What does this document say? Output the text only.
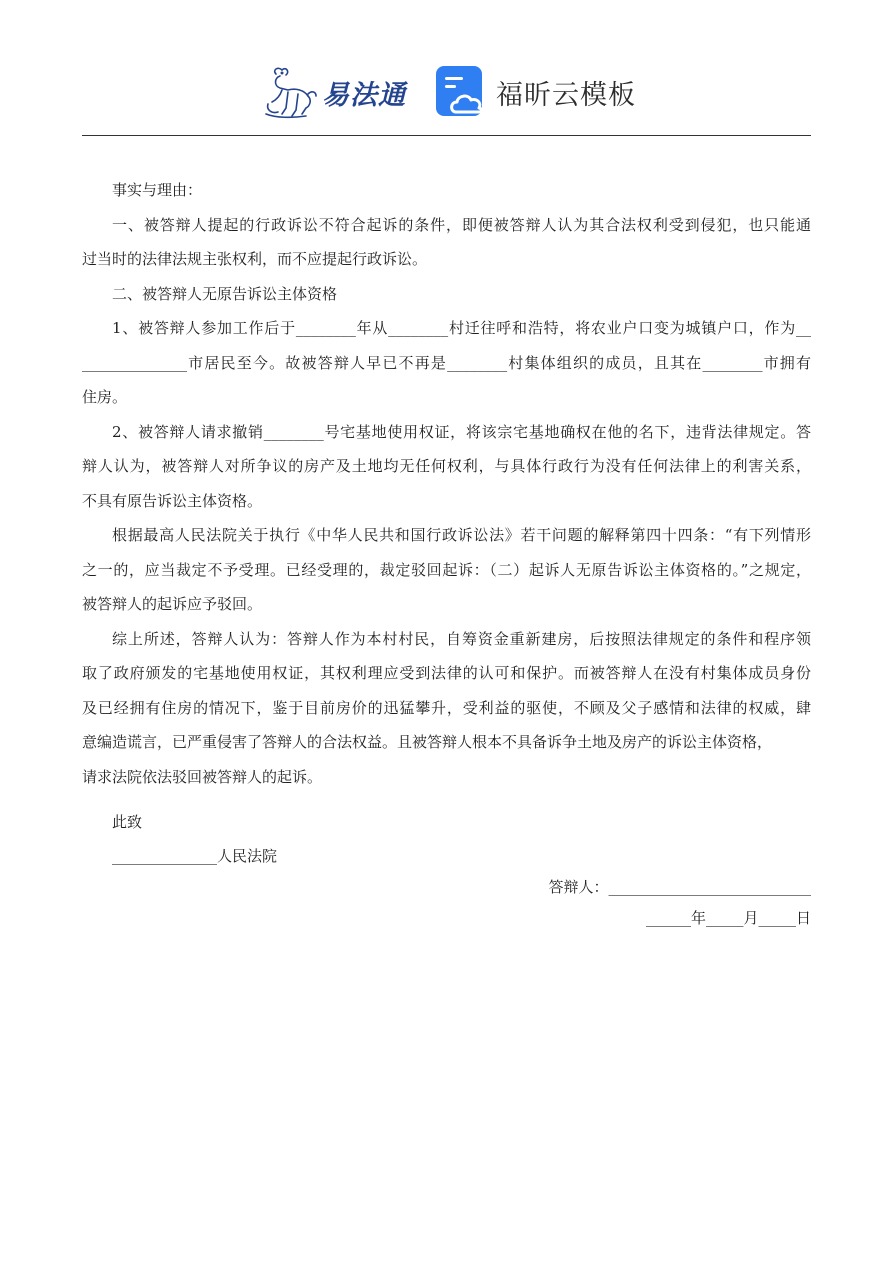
易法通	福昕云模板
事实与理由：
一、被答辩人提起的行政诉讼不符合起诉的条件，即便被答辩人认为其合法权利受到侵犯，也只能通
过当时的法律法规主张权利，而不应提起行政诉讼。
二、被答辩人无原告诉讼主体资格
1、被答辩人参加工作后于________年从________村迁往呼和浩特，将农业户口变为城镇户口，作为__
______________市居民至今。故被答辩人早已不再是________村集体组织的成员，且其在________市拥有
住房。
2、被答辩人请求撤销________号宅基地使用权证，将该宗宅基地确权在他的名下，违背法律规定。答
辩人认为，被答辩人对所争议的房产及土地均无任何权利，与具体行政行为没有任何法律上的利害关系，
不具有原告诉讼主体资格。
根据最高人民法院关于执行《中华人民共和国行政诉讼法》若干问题的解释第四十四条：“有下列情形
之一的，应当裁定不予受理。已经受理的，裁定驳回起诉：（二）起诉人无原告诉讼主体资格的。”之规定，
被答辩人的起诉应予驳回。
综上所述，答辩人认为：答辩人作为本村村民，自筹资金重新建房，后按照法律规定的条件和程序领
取了政府颁发的宅基地使用权证，其权利理应受到法律的认可和保护。而被答辩人在没有村集体成员身份
及已经拥有住房的情况下，鉴于目前房价的迅猛攀升，受利益的驱使，不顾及父子感情和法律的权威，肆
意编造谎言，已严重侵害了答辩人的合法权益。且被答辩人根本不具备诉争土地及房产的诉讼主体资格，
请求法院依法驳回被答辩人的起诉。
此致
______________人民法院
答辩人：___________________________
______年_____月_____日
